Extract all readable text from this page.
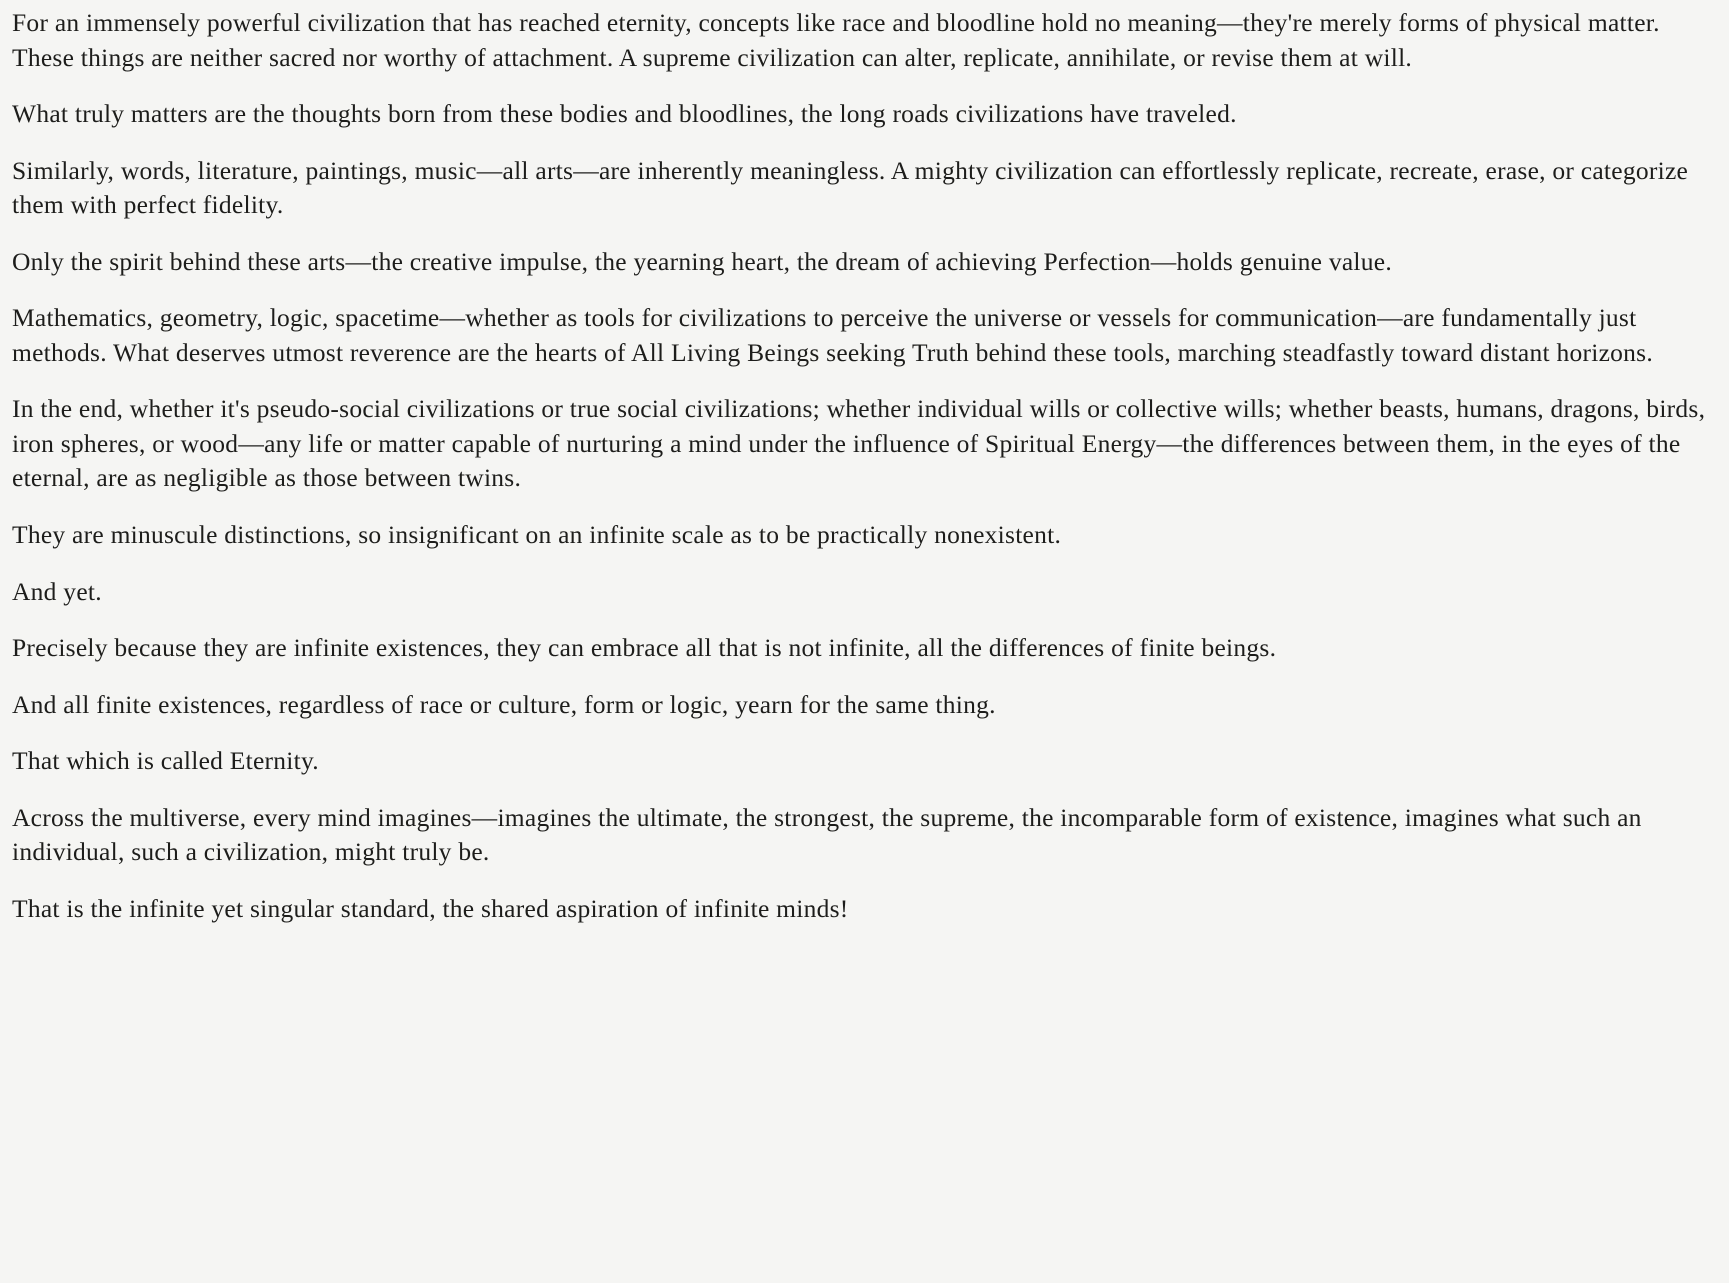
For an immensely powerful civilization that has reached eternity, concepts like race and bloodline hold no meaning—they're merely forms of physical matter. These things are neither sacred nor worthy of attachment. A supreme civilization can alter, replicate, annihilate, or revise them at will.

What truly matters are the thoughts born from these bodies and bloodlines, the long roads civilizations have traveled.

Similarly, words, literature, paintings, music—all arts—are inherently meaningless. A mighty civilization can effortlessly replicate, recreate, erase, or categorize them with perfect fidelity.

Only the spirit behind these arts—the creative impulse, the yearning heart, the dream of achieving Perfection—holds genuine value.

Mathematics, geometry, logic, spacetime—whether as tools for civilizations to perceive the universe or vessels for communication—are fundamentally just methods. What deserves utmost reverence are the hearts of All Living Beings seeking Truth behind these tools, marching steadfastly toward distant horizons.

In the end, whether it's pseudo-social civilizations or true social civilizations; whether individual wills or collective wills; whether beasts, humans, dragons, birds, iron spheres, or wood—any life or matter capable of nurturing a mind under the influence of Spiritual Energy—the differences between them, in the eyes of the eternal, are as negligible as those between twins.

They are minuscule distinctions, so insignificant on an infinite scale as to be practically nonexistent.

And yet.

Precisely because they are infinite existences, they can embrace all that is not infinite, all the differences of finite beings.

And all finite existences, regardless of race or culture, form or logic, yearn for the same thing.

That which is called Eternity.

Across the multiverse, every mind imagines—imagines the ultimate, the strongest, the supreme, the incomparable form of existence, imagines what such an individual, such a civilization, might truly be.

That is the infinite yet singular standard, the shared aspiration of infinite minds!
